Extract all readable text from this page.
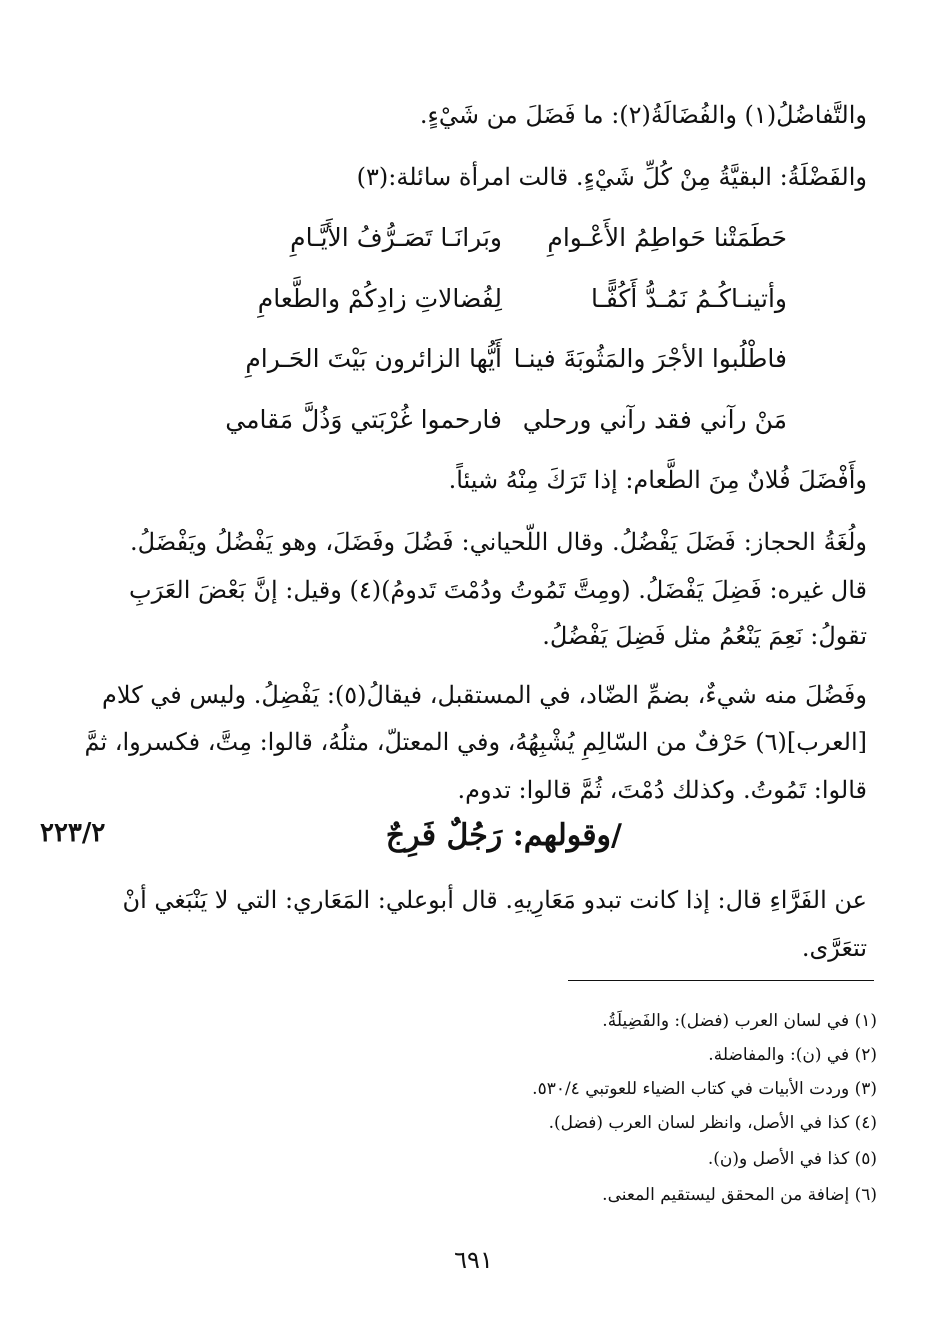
والتَّفاضُلُ(١) والفُضَالَةُ(٢): ما فَضَلَ من شَيْءٍ.
والفَضْلَةُ: البقيَّةُ مِنْ كُلِّ شَيْءٍ. قالت امرأة سائلة:(٣)
حَطَمَتْنا حَواطِمُ الأَعْـوامِ
وبَرانَـا تَصَـرُّفُ الأَيَّـامِ
وأتينـاكُـمُ نَمُـدُّ أَكُفًّـا
لِفُضالاتِ زادِكُمْ والطَّعامِ
فاطْلُبوا الأجْرَ والمَثُوبَةَ فينـا
أَيُّها الزائرون بَيْتَ الحَـرامِ
مَنْ رآني فقد رآني ورحلي
فارحموا غُرْبَتي وَذُلَّ مَقامي
وأَفْضَلَ فُلانٌ مِنَ الطَّعام: إذا تَرَكَ مِنْهُ شيئاً.
ولُغَةُ الحجاز: فَضَلَ يَفْضُلُ. وقال اللّحياني: فَضُلَ وفَضَلَ، وهو يَفْضُلُ ويَفْضَلُ.
قال غيره: فَضِلَ يَفْضَلُ. (ومِتَّ تَمُوتُ ودُمْتَ تَدومُ)(٤) وقيل: إنَّ بَعْضَ العَرَبِ
تقولُ: نَعِمَ يَنْعُمُ مثل فَضِلَ يَفْضُلُ.
وفَضُلَ منه شيءٌ، بضمِّ الضّاد، في المستقبل، فيقالُ(٥): يَفْضِلُ. وليس في كلام
[العرب](٦) حَرْفٌ من السّالِمِ يُشْبِهُهُ، وفي المعتلّ، مثلُهُ، قالوا: مِتَّ، فكسروا، ثمَّ
قالوا: تَمُوتُ. وكذلك دُمْتَ، ثُمَّ قالوا: تدوم.
/وقولهم: رَجُلٌ فَرِجٌ
٢٢٣/٢
عن الفَرَّاءِ قال: إذا كانت تبدو مَعَارِيهِ. قال أبوعلي: المَعَاري: التي لا يَنْبَغي أنْ
تتعَرَّى.
(١) في لسان العرب (فضل): والفَضِيلَةُ.
(٢) في (ن): والمفاضلة.
(٣) وردت الأبيات في كتاب الضياء للعوتبي ٥٣٠/٤.
(٤) كذا في الأصل، وانظر لسان العرب (فضل).
(٥) كذا في الأصل و(ن).
(٦) إضافة من المحقق ليستقيم المعنى.
٦٩١
